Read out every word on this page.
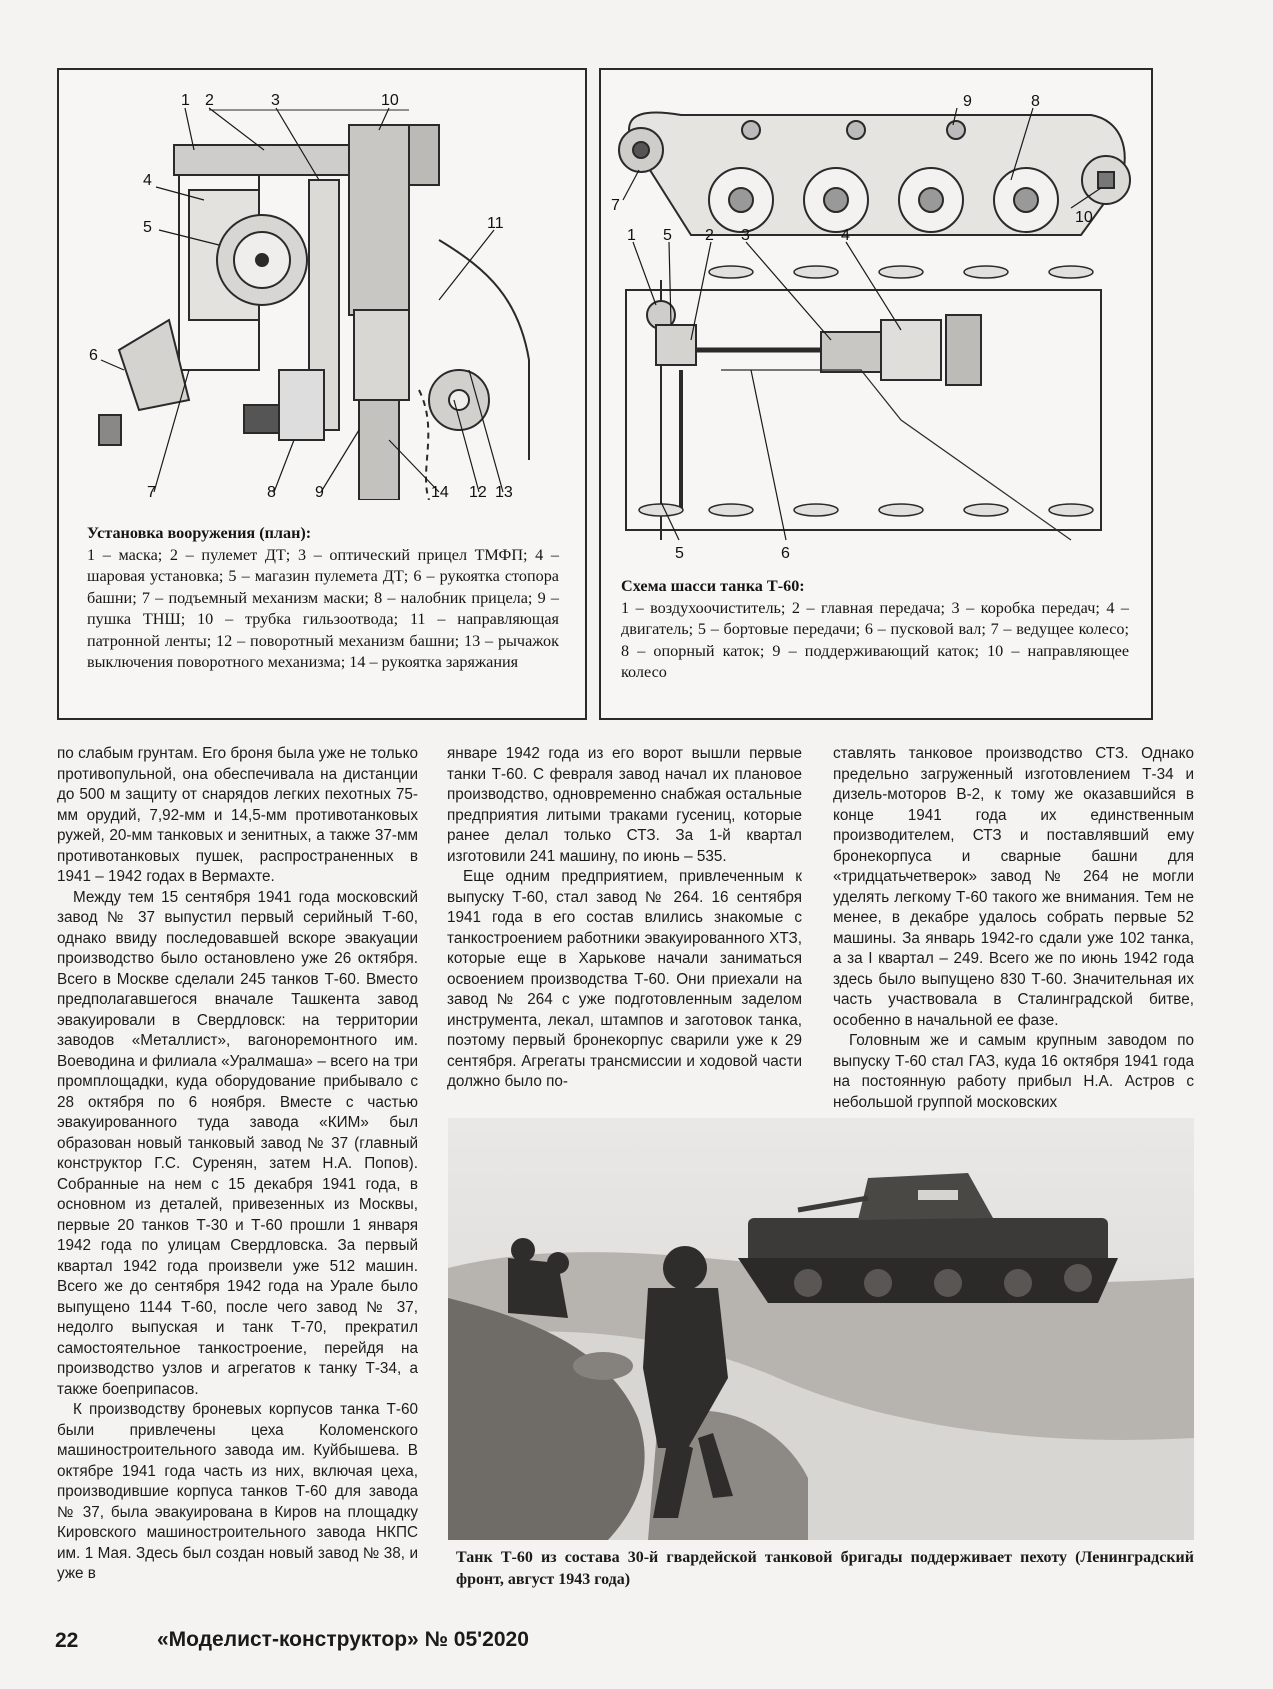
1 2	3	10
4
5	11
6
7	8 9	14 12 13
Установка вооружения (план):
1 – маска; 2 – пулемет ДТ; 3 – оптический прицел ТМФП; 4 – шаровая установка; 5 – магазин пулемета ДТ; 6 – рукоятка стопора башни; 7 – подъемный механизм маски; 8 – налобник прицела; 9 – пушка ТНШ; 10 – трубка гильзоотвода; 11 – направляющая патронной ленты; 12 – поворотный механизм башни; 13 – рычажок выключения поворотного механизма; 14 – рукоятка заряжания
7
9	8
10
1 5 2 3	4
5	6
Схема шасси танка Т-60:
1 – воздухоочиститель; 2 – главная передача; 3 – коробка передач; 4 – двигатель; 5 – бортовые передачи; 6 – пусковой вал; 7 – ведущее колесо; 8 – опорный каток; 9 – поддерживающий каток; 10 – направляющее колесо

по слабым грунтам. Его броня была уже не только противопульной, она обеспечивала на дистанции до 500 м защиту от снарядов легких пехотных 75-мм орудий, 7,92-мм и 14,5-мм противотанковых ружей, 20-мм танковых и зенитных, а также 37-мм противотанковых пушек, распространенных в 1941 – 1942 годах в Вермахте.

Между тем 15 сентября 1941 года московский завод № 37 выпустил первый серийный Т-60, однако ввиду последовавшей вскоре эвакуации производство было остановлено уже 26 октября. Всего в Москве сделали 245 танков Т-60. Вместо предполагавшегося вначале Ташкента завод эвакуировали в Свердловск: на территории заводов «Металлист», вагоноремонтного им. Воеводина и филиала «Уралмаша» – всего на три промплощадки, куда оборудование прибывало с 28 октября по 6 ноября. Вместе с частью эвакуированного туда завода «КИМ» был образован новый танковый завод № 37 (главный конструктор Г.С. Суренян, затем Н.А. Попов). Собранные на нем с 15 декабря 1941 года, в основном из деталей, привезенных из Москвы, первые 20 танков Т-30 и Т-60 прошли 1 января 1942 года по улицам Свердловска. За первый квартал 1942 года произвели уже 512 машин. Всего же до сентября 1942 года на Урале было выпущено 1144 Т-60, после чего завод № 37, недолго выпуская и танк Т-70, прекратил самостоятельное танкостроение, перейдя на производство узлов и агрегатов к танку Т-34, а также боеприпасов.

К производству броневых корпусов танка Т-60 были привлечены цеха Коломенского машиностроительного завода им. Куйбышева. В октябре 1941 года часть из них, включая цеха, производившие корпуса танков Т-60 для завода № 37, была эвакуирована в Киров на площадку Кировского машиностроительного завода НКПС им. 1 Мая. Здесь был создан новый завод № 38, и уже в

январе 1942 года из его ворот вышли первые танки Т-60. С февраля завод начал их плановое производство, одновременно снабжая остальные предприятия литыми траками гусениц, которые ранее делал только СТЗ. За 1-й квартал изготовили 241 машину, по июнь – 535.

Еще одним предприятием, привлеченным к выпуску Т-60, стал завод № 264. 16 сентября 1941 года в его состав влились знакомые с танкостроением работники эвакуированного ХТЗ, которые еще в Харькове начали заниматься освоением производства Т-60. Они приехали на завод № 264 с уже подготовленным заделом инструмента, лекал, штампов и заготовок танка, поэтому первый бронекорпус сварили уже к 29 сентября. Агрегаты трансмиссии и ходовой части должно было по-

ставлять танковое производство СТЗ. Однако предельно загруженный изготовлением Т-34 и дизель-моторов В-2, к тому же оказавшийся в конце 1941 года их единственным производителем, СТЗ и поставлявший ему бронекорпуса и сварные башни для «тридцатьчетверок» завод № 264 не могли уделять легкому Т-60 такого же внимания. Тем не менее, в декабре удалось собрать первые 52 машины. За январь 1942-го сдали уже 102 танка, а за I квартал – 249. Всего же по июнь 1942 года здесь было выпущено 830 Т-60. Значительная их часть участвовала в Сталинградской битве, особенно в начальной ее фазе.

Головным же и самым крупным заводом по выпуску Т-60 стал ГАЗ, куда 16 октября 1941 года на постоянную работу прибыл Н.А. Астров с небольшой группой московских

Танк Т-60 из состава 30-й гвардейской танковой бригады поддерживает пехоту (Ленинградский фронт, август 1943 года)
22	«Моделист-конструктор» № 05'2020
